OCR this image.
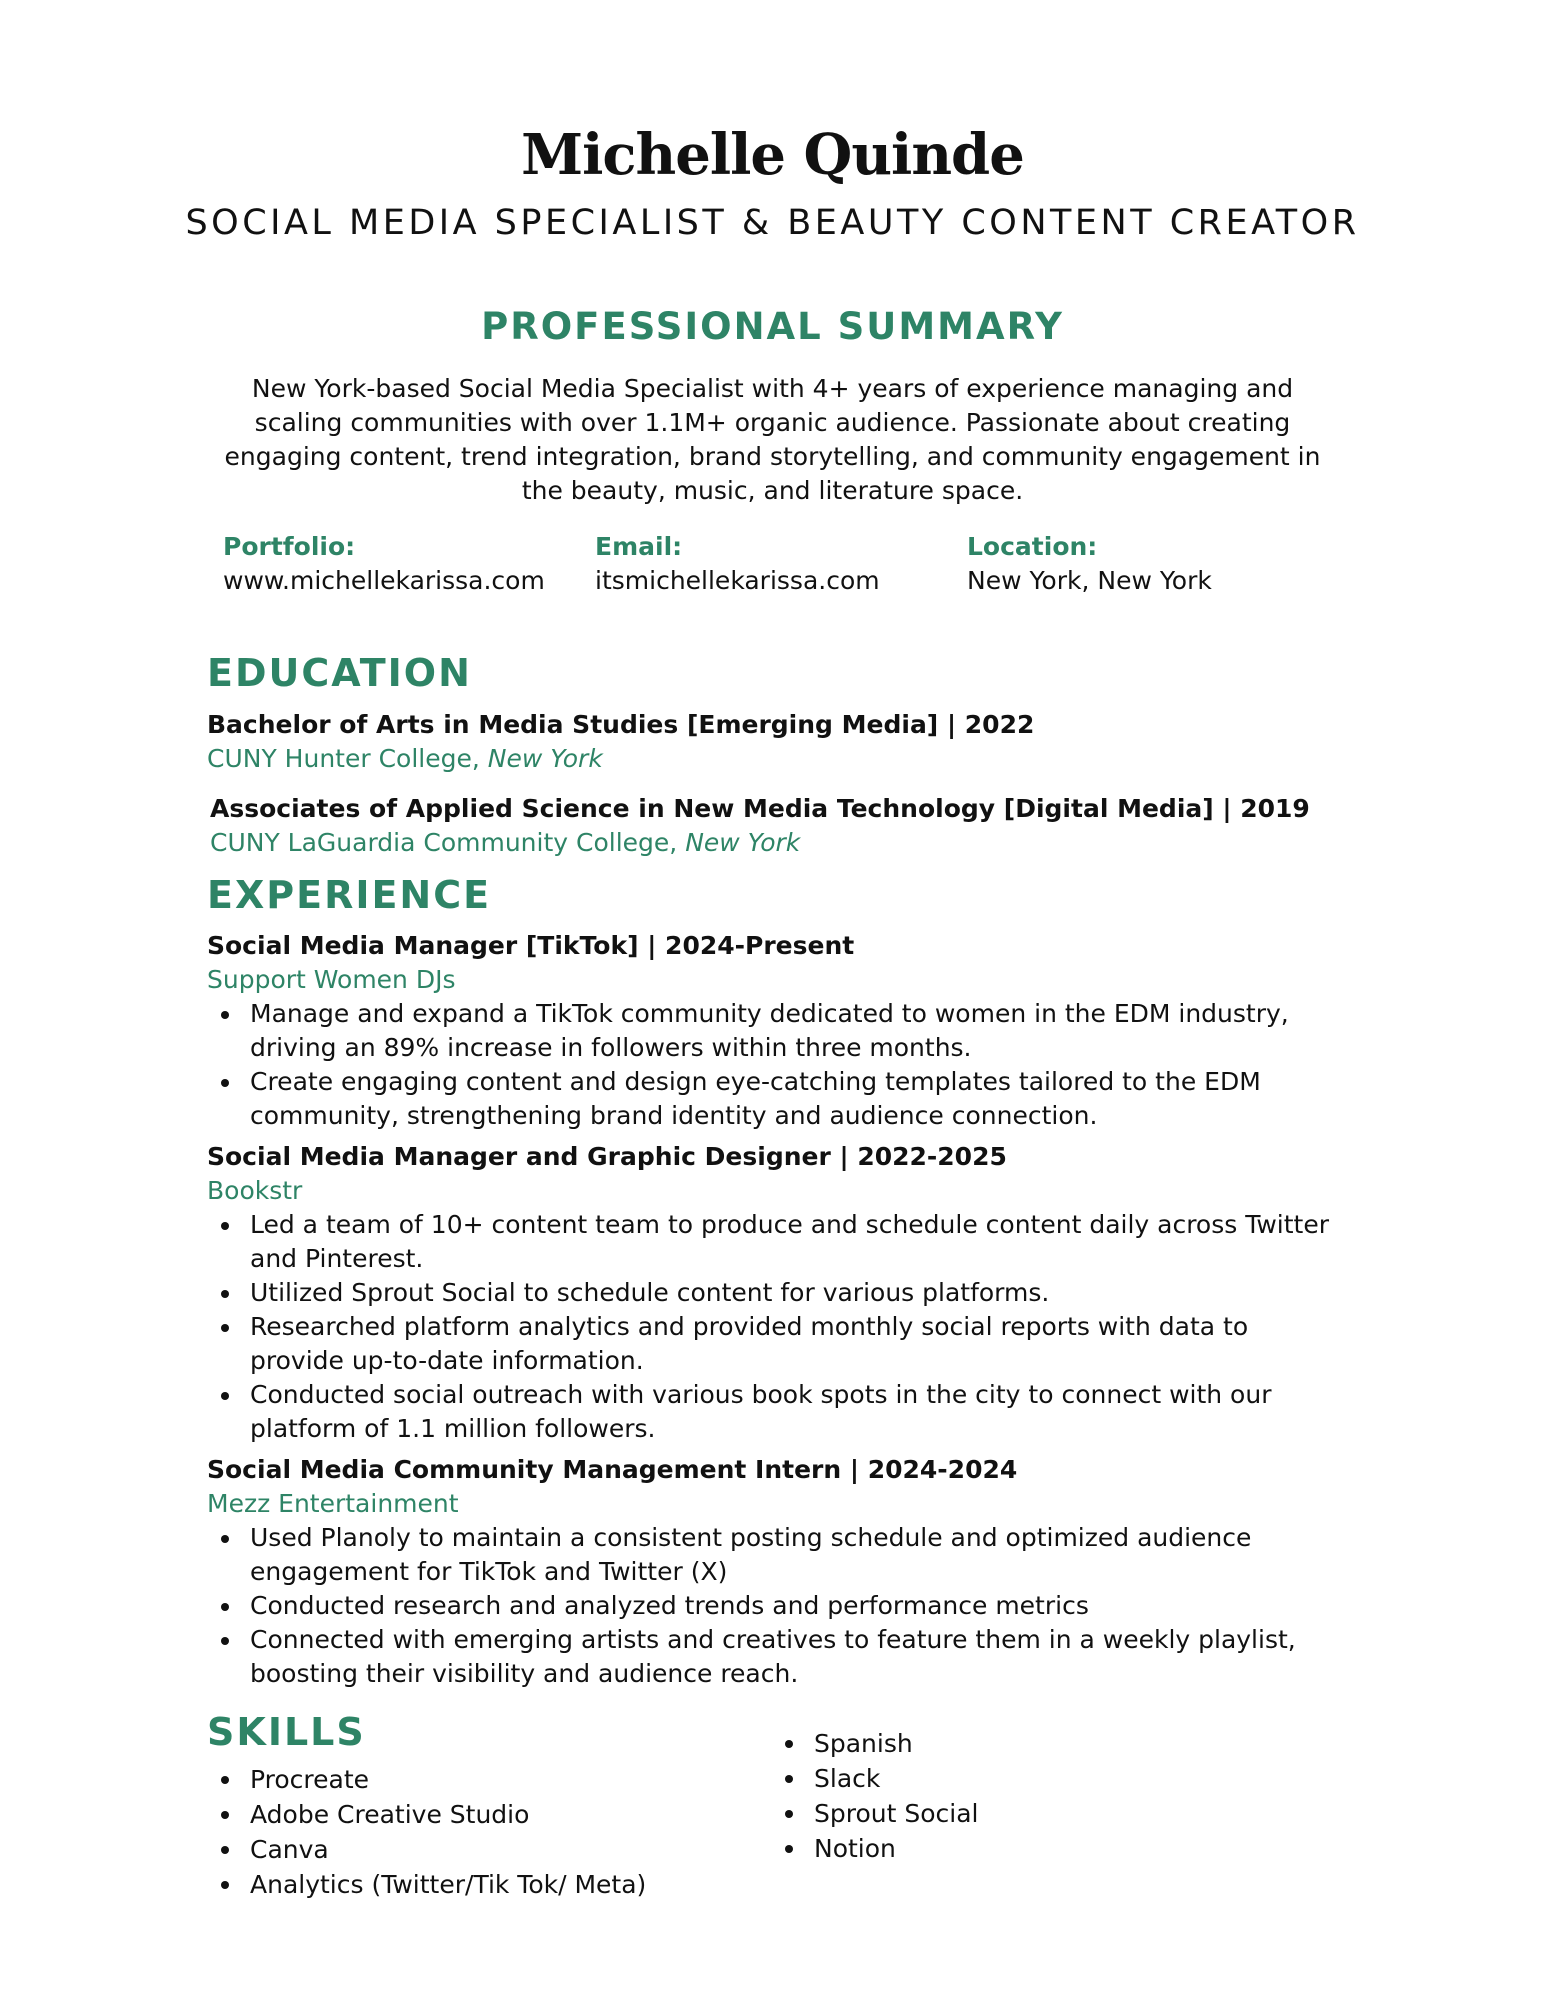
Michelle Quinde
SOCIAL MEDIA SPECIALIST & BEAUTY CONTENT CREATOR
PROFESSIONAL SUMMARY
New York-based Social Media Specialist with 4+ years of experience managing and scaling communities with over 1.1M+ organic audience. Passionate about creating engaging content, trend integration, brand storytelling, and community engagement in the beauty, music, and literature space.
Portfolio:
www.michellekarissa.com
Email:
itsmichellekarissa.com
Location:
New York, New York
EDUCATION
Bachelor of Arts in Media Studies [Emerging Media] | 2022
CUNY Hunter College, New York
Associates of Applied Science in New Media Technology [Digital Media] | 2019
CUNY LaGuardia Community College, New York
EXPERIENCE
Social Media Manager [TikTok] | 2024-Present
Support Women DJs
Manage and expand a TikTok community dedicated to women in the EDM industry, driving an 89% increase in followers within three months.
Create engaging content and design eye-catching templates tailored to the EDM community, strengthening brand identity and audience connection.
Social Media Manager and Graphic Designer | 2022-2025
Bookstr
Led a team of 10+ content team to produce and schedule content daily across Twitter and Pinterest.
Utilized Sprout Social to schedule content for various platforms.
Researched platform analytics and provided monthly social reports with data to provide up-to-date information.
Conducted social outreach with various book spots in the city to connect with our platform of 1.1 million followers.
Social Media Community Management Intern | 2024-2024
Mezz Entertainment
Used Planoly to maintain a consistent posting schedule and optimized audience engagement for TikTok and Twitter (X)
Conducted research and analyzed trends and performance metrics
Connected with emerging artists and creatives to feature them in a weekly playlist, boosting their visibility and audience reach.
SKILLS
Procreate
Adobe Creative Studio
Canva
Analytics (Twitter/Tik Tok/ Meta)
Spanish
Slack
Sprout Social
Notion
